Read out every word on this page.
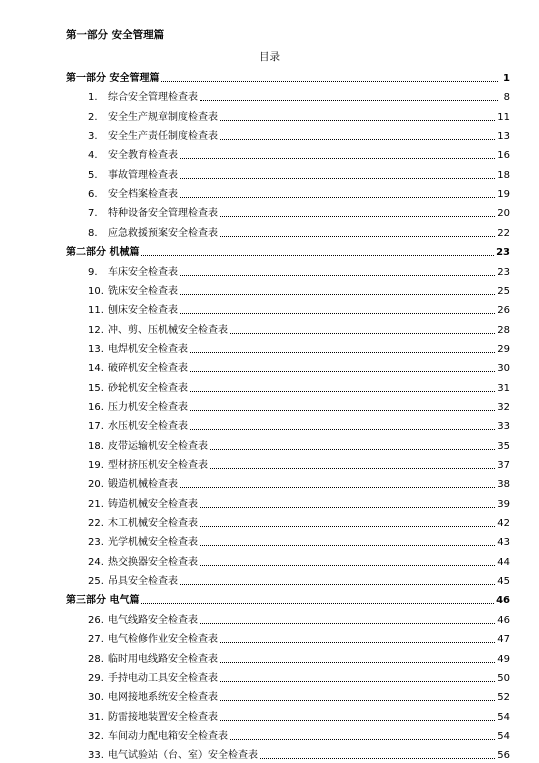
第一部分 安全管理篇
目录
第一部分 安全管理篇	1
1.	综合安全管理检查表	8
2.	安全生产规章制度检查表	11
3.	安全生产责任制度检查表	13
4.	安全教育检查表	16
5.	事故管理检查表	18
6.	安全档案检查表	19
7.	特种设备安全管理检查表	20
8.	应急救援预案安全检查表	22
第二部分 机械篇	23
9.	车床安全检查表	23
10. 铣床安全检查表	25
11. 刨床安全检查表	26
12. 冲、剪、压机械安全检查表	28
13. 电焊机安全检查表	29
14. 破碎机安全检查表	30
15. 砂轮机安全检查表	31
16. 压力机安全检查表	32
17. 水压机安全检查表	33
18. 皮带运输机安全检查表	35
19. 型材挤压机安全检查表	37
20. 锻造机械检查表	38
21. 铸造机械安全检查表	39
22. 木工机械安全检查表	42
23. 光学机械安全检查表	43
24. 热交换器安全检查表	44
25. 吊具安全检查表	45
第三部分 电气篇	46
26. 电气线路安全检查表	46
27. 电气检修作业安全检查表	47
28. 临时用电线路安全检查表	49
29. 手持电动工具安全检查表	50
30. 电网接地系统安全检查表	52
31. 防雷接地装置安全检查表	54
32. 车间动力配电箱安全检查表	54
33. 电气试验站（台、室）安全检查表	56
